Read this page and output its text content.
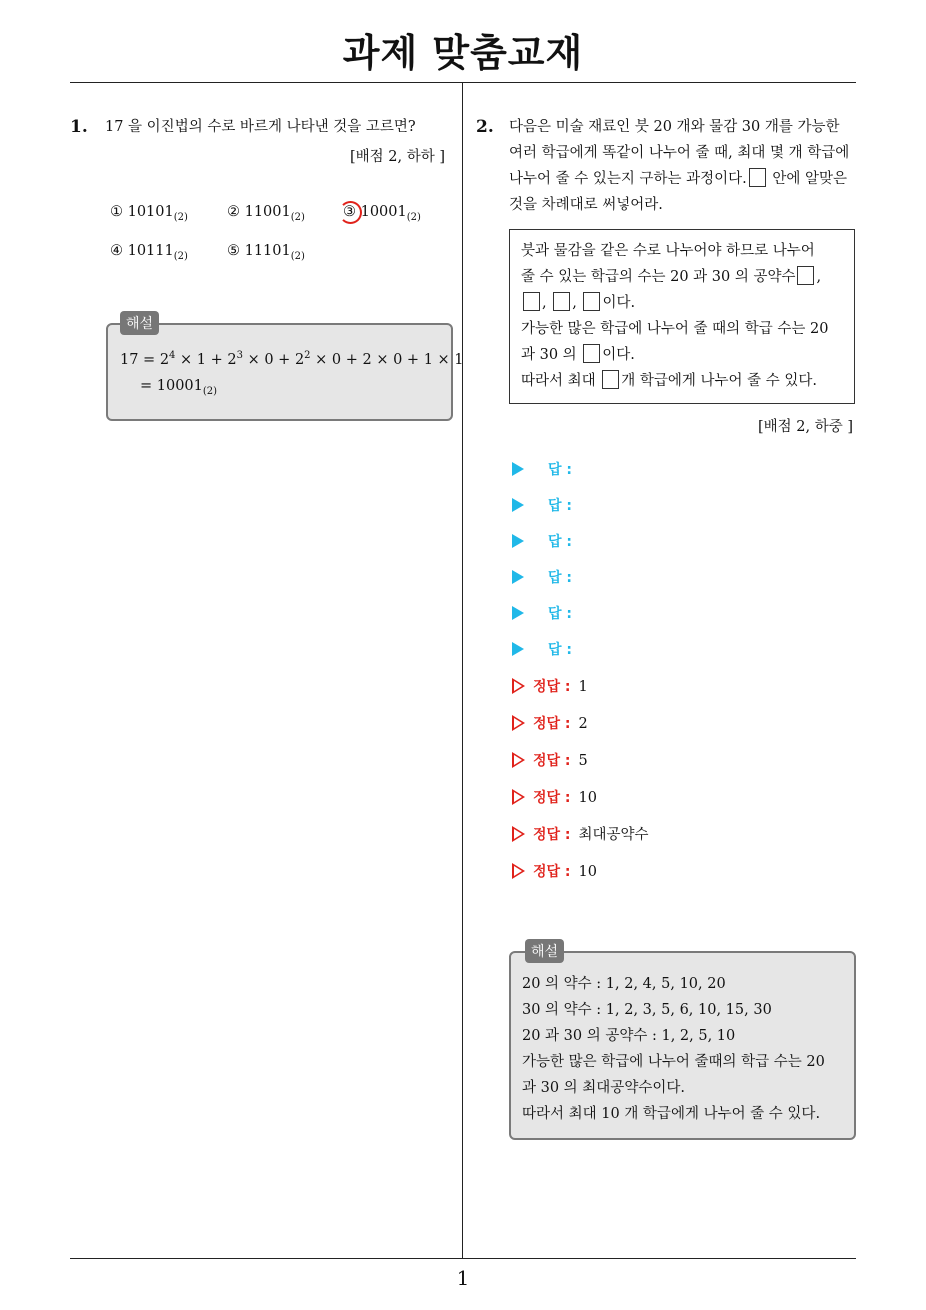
과제 맞춤교재
1. 17 을 이진법의 수로 바르게 나타낸 것을 고르면?
[배점 2, 하하 ]
① $10101_{(2)}$	② $11001_{(2)}$	③ $10001_{(2)}$
④ $10111_{(2)}$	⑤ $11101_{(2)}$
해설
$17 = 2^4 \times 1 + 2^3 \times 0 + 2^2 \times 0 + 2 \times 0 + 1 \times 1$
= $10001_{(2)}$
2. 다음은 미술 재료인 붓 20 개와 물감 30 개를 가능한
여러 학급에게 똑같이 나누어 줄 때, 최대 몇 개 학급에
나누어 줄 수 있는지 구하는 과정이다. 안에 알맞은
것을 차례대로 써넣어라.
붓과 물감을 같은 수로 나누어야 하므로 나누어
줄 수 있는 학급의 수는 20 과 30 의 공약수 ,
, , 이다.
가능한 많은 학급에 나누어 줄 때의 학급 수는 20
과 30 의 이다.
따라서 최대 개 학급에게 나누어 줄 수 있다.
[배점 2, 하중 ]
답 :
답 :
답 :
답 :
답 :
답 :
정답 : 1
정답 : 2
정답 : 5
정답 : 10
정답 : 최대공약수
정답 : 10
해설
20 의 약수 : 1, 2, 4, 5, 10, 20
30 의 약수 : 1, 2, 3, 5, 6, 10, 15, 30
20 과 30 의 공약수 : 1, 2, 5, 10
가능한 많은 학급에 나누어 줄때의 학급 수는 20
과 30 의 최대공약수이다.
따라서 최대 10 개 학급에게 나누어 줄 수 있다.
1
